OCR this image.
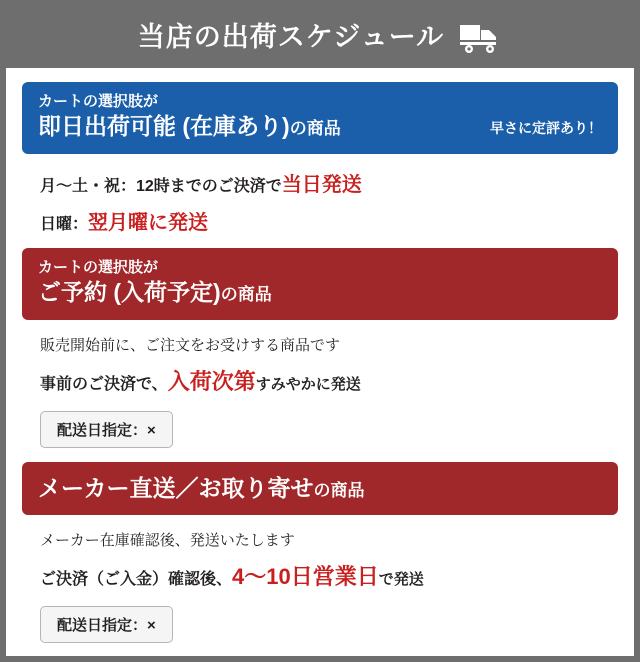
当店の出荷スケジュール
カートの選択肢が
即日出荷可能 (在庫あり)の商品	早さに定評あり！
月〜土・祝：12時までのご決済で当日発送
日曜：翌月曜に発送
カートの選択肢が
ご予約 (入荷予定)の商品
販売開始前に、ご注文をお受けする商品です
事前のご決済で、入荷次第すみやかに発送
配送日指定：×
メーカー直送／お取り寄せの商品
メーカー在庫確認後、発送いたします
ご決済（ご入金）確認後、4〜10日営業日で発送
配送日指定：×
